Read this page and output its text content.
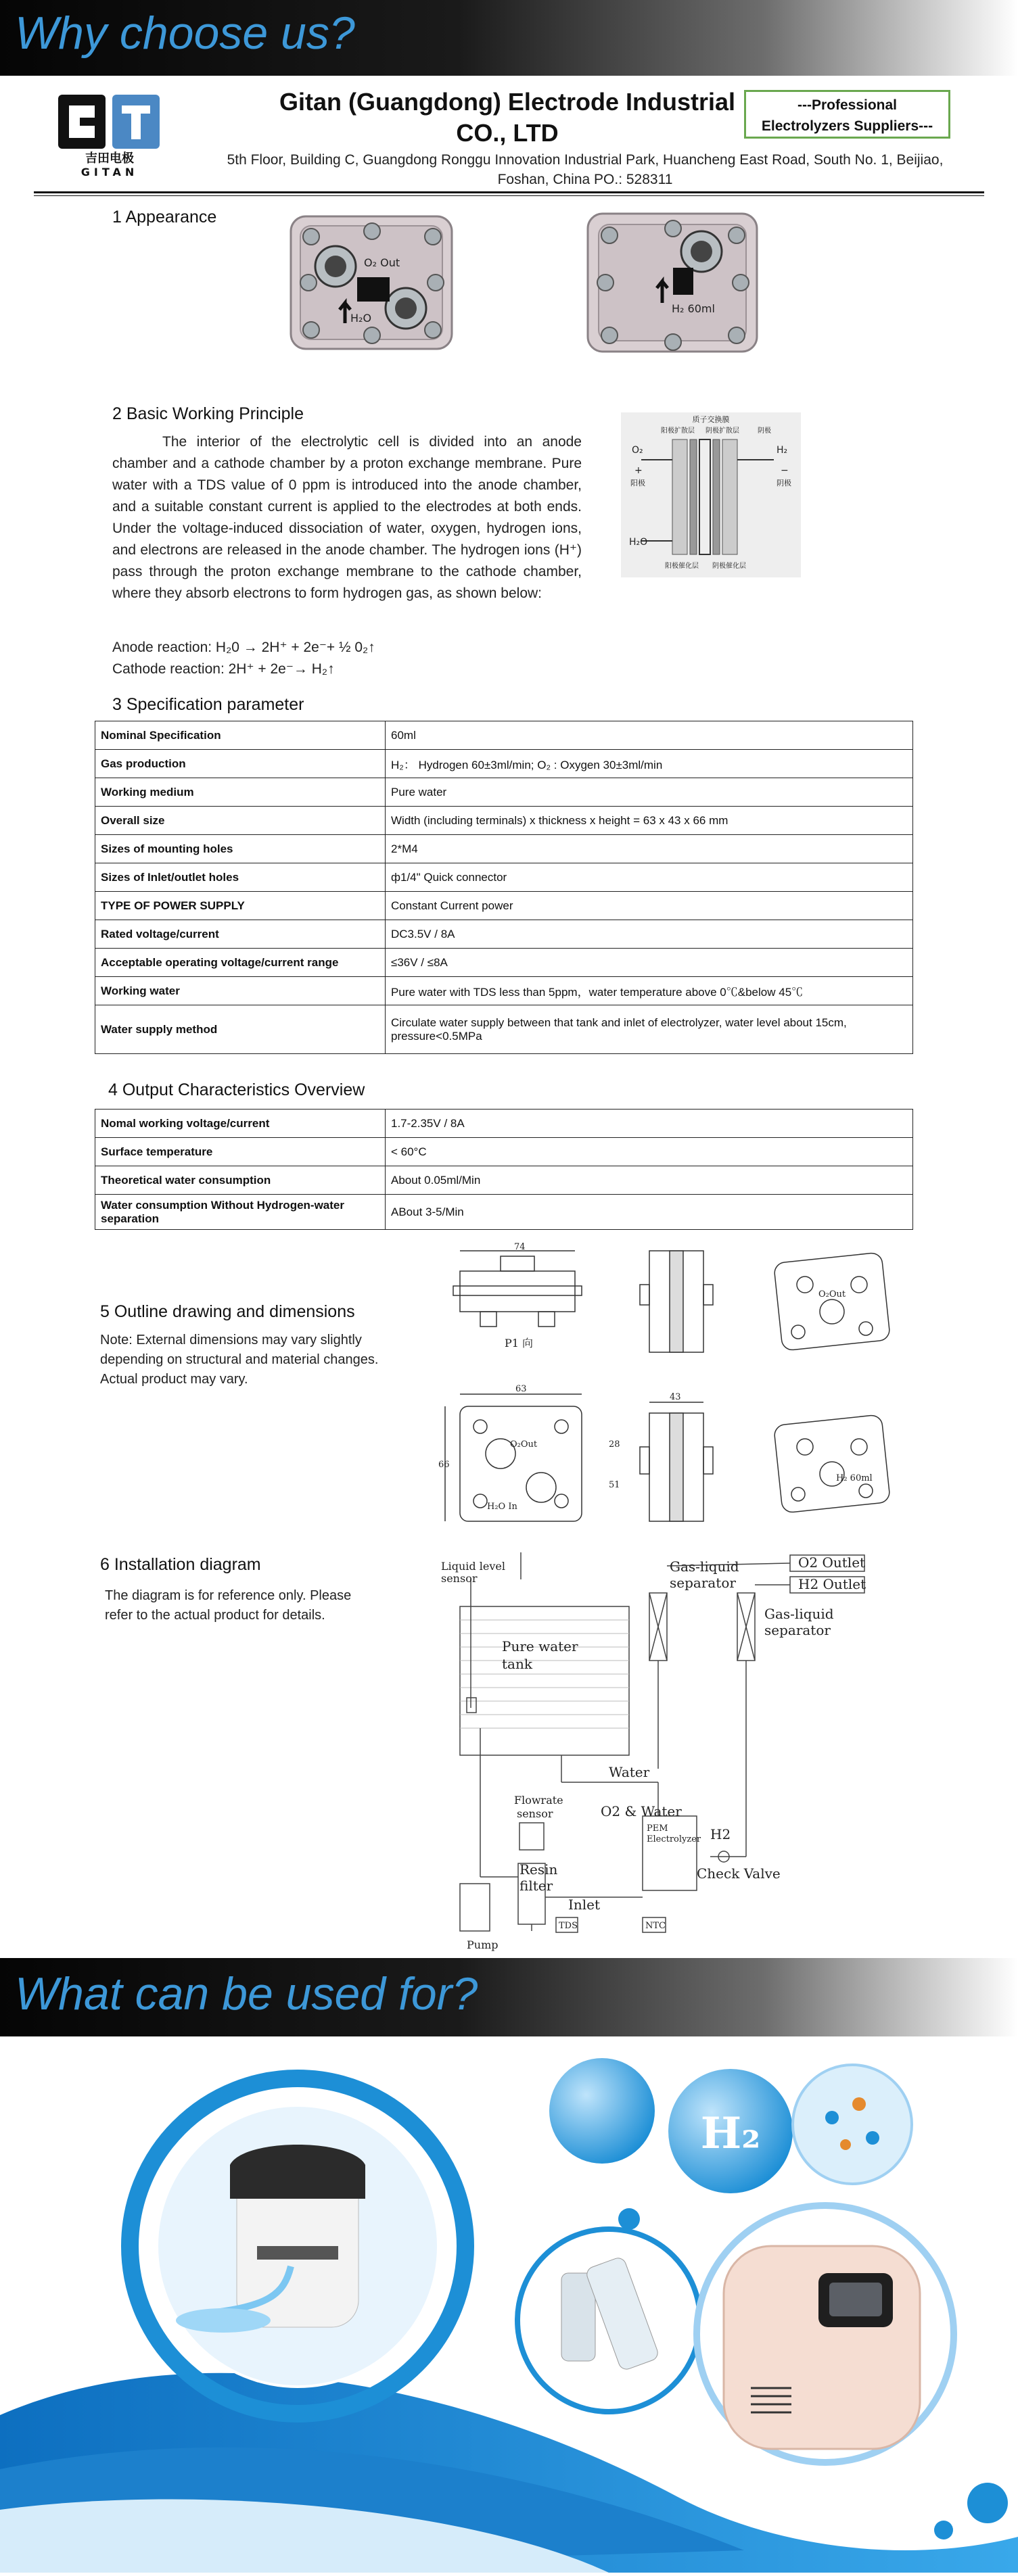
Why choose us?
吉田电极
GITAN
Gitan (Guangdong) Electrode Industrial
CO., LTD
5th Floor, Building C, Guangdong Ronggu Innovation Industrial Park, Huancheng East Road, South No. 1, Beijiao,
Foshan, China PO.: 528311
---Professional
Electrolyzers Suppliers---
1 Appearance
O₂ Out
H₂O
H₂ 60ml
2 Basic Working Principle
The interior of the electrolytic cell is divided into an anode chamber and a cathode chamber by a proton exchange membrane. Pure water with a TDS value of 0 ppm is introduced into the anode chamber, and a suitable constant current is applied to the electrodes at both ends. Under the voltage-induced dissociation of water, oxygen, hydrogen ions, and electrons are released in the anode chamber. The hydrogen ions (H⁺) pass through the proton exchange membrane to the cathode chamber, where they absorb electrons to form hydrogen gas, as shown below:
Anode reaction: H₂0 → 2H⁺ + 2e⁻+ ½ 0₂↑
Cathode reaction: 2H⁺ + 2e⁻→ H₂↑
质子交换膜
阳极扩散层 阴极扩散层	阴极
O₂
+
阳极
H₂
−
阴极
H₂O
阳极催化层 阴极催化层
3 Specification parameter
Nominal Specification	60ml
Gas production	H₂： Hydrogen 60±3ml/min; O₂ : Oxygen 30±3ml/min
Working medium	Pure water
Overall size	Width (including terminals) x thickness x height = 63 x 43 x 66 mm
Sizes of mounting holes	2*M4
Sizes of Inlet/outlet holes	ф1/4" Quick connector
TYPE OF POWER SUPPLY	Constant Current power
Rated voltage/current	DC3.5V / 8A
Acceptable operating voltage/current range	≤36V / ≤8A
Working water	Pure water with TDS less than 5ppm，water temperature above 0℃&below 45℃
Water supply method	Circulate water supply between that tank and inlet of electrolyzer, water level about 15cm, pressure<0.5MPa
4 Output Characteristics Overview
Nomal working voltage/current	1.7-2.35V / 8A
Surface temperature	< 60°C
Theoretical water consumption	About 0.05ml/Min
Water consumption Without Hydrogen-water separation	ABout 3-5/Min
5 Outline drawing and dimensions
Note: External dimensions may vary slightly depending on structural and material changes. Actual product may vary.
74
P1 向
O₂Out
63
66
O₂Out
H₂O In
43
28
51
H₂ 60ml
6 Installation diagram
The diagram is for reference only. Please refer to the actual product for details.
Liquid level
sensor
Gas-liquid
separator
O2 Outlet
H2 Outlet
Gas-liquid
separator
Pure water
tank
Water
Flowrate
sensor	O2 & Water
PEM
Electrolyzer H2
Resin
filter
Inlet
Check Valve
TDS	NTC
Pump
What can be used for?
H₂
